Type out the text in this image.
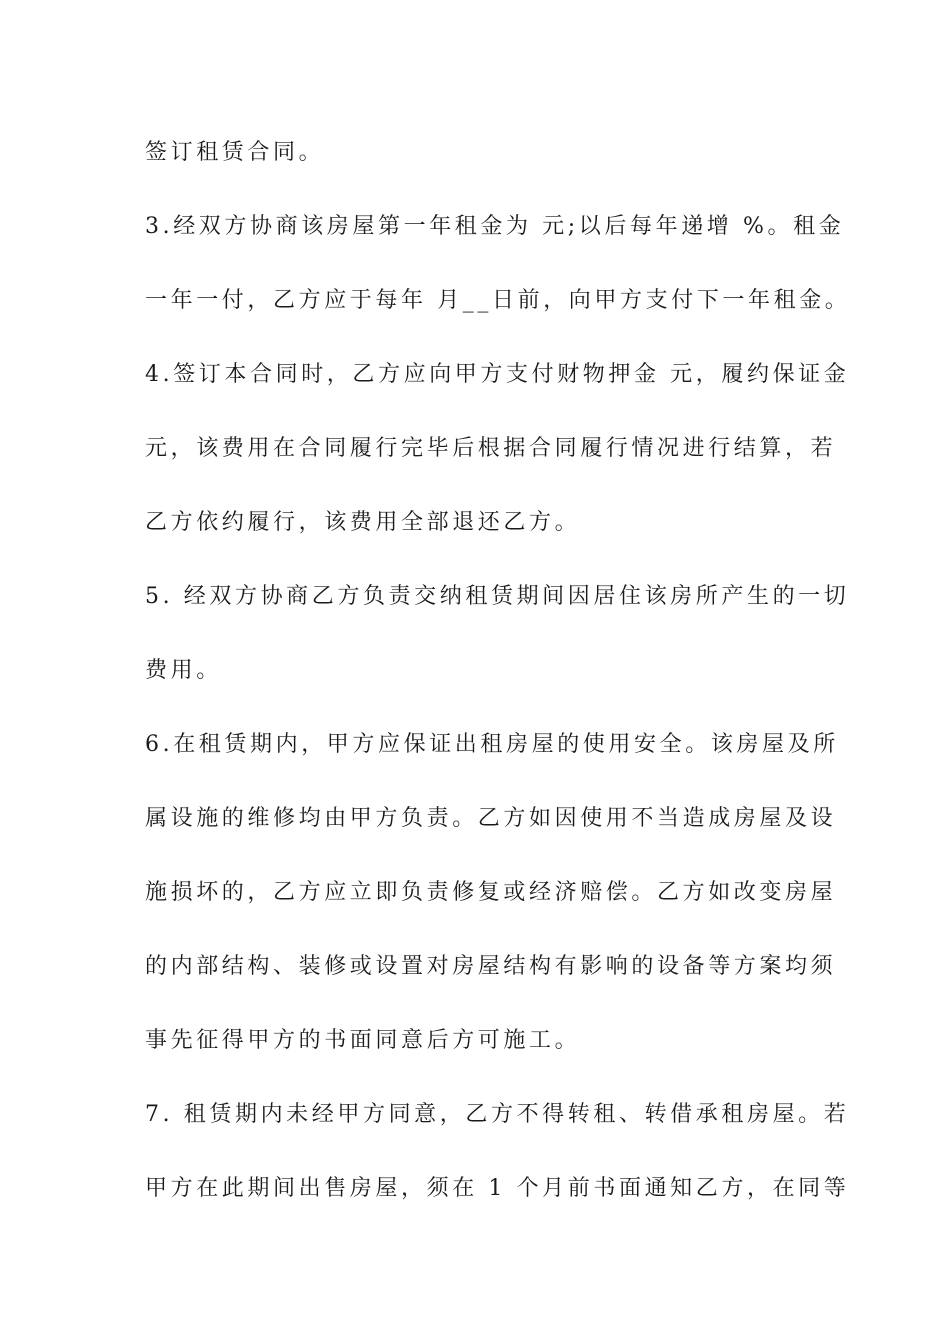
签订租赁合同。
3.经双方协商该房屋第一年租金为 元;以后每年递增 %。租金
一年一付，乙方应于每年 月__日前，向甲方支付下一年租金。
4.签订本合同时，乙方应向甲方支付财物押金 元，履约保证金
元，该费用在合同履行完毕后根据合同履行情况进行结算，若
乙方依约履行，该费用全部退还乙方。
5. 经双方协商乙方负责交纳租赁期间因居住该房所产生的一切
费用。
6.在租赁期内，甲方应保证出租房屋的使用安全。该房屋及所
属设施的维修均由甲方负责。乙方如因使用不当造成房屋及设
施损坏的，乙方应立即负责修复或经济赔偿。乙方如改变房屋
的内部结构、装修或设置对房屋结构有影响的设备等方案均须
事先征得甲方的书面同意后方可施工。
7. 租赁期内未经甲方同意，乙方不得转租、转借承租房屋。若
甲方在此期间出售房屋，须在 1 个月前书面通知乙方，在同等
